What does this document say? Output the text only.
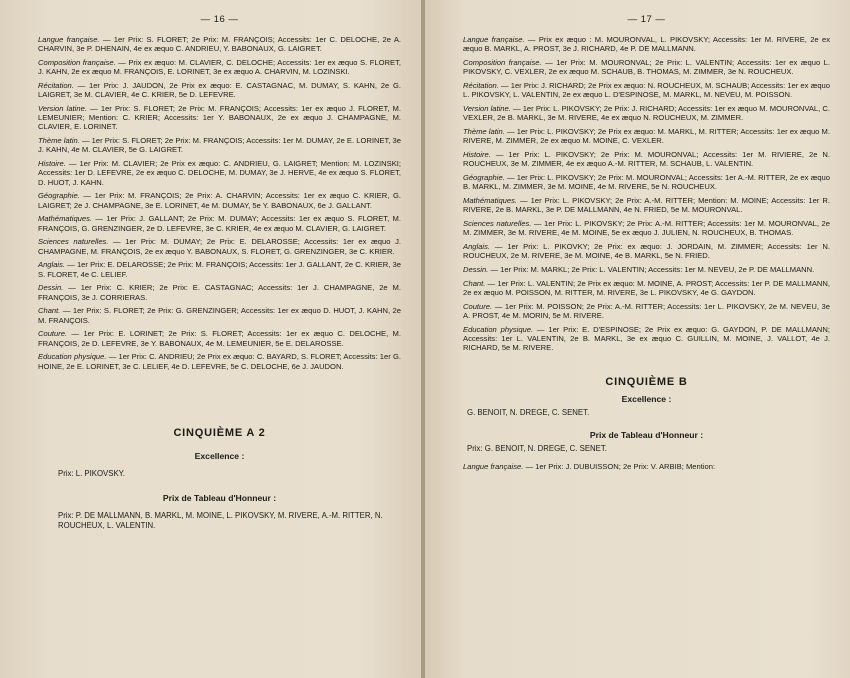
— 16 —

Langue française. — 1er Prix: S. FLORET; 2e Prix: M. FRANÇOIS; Accessits: 1er C. DELOCHE, 2e A. CHARVIN, 3e P. DHENAIN, 4e ex æquo C. ANDRIEU, Y. BABONAUX, G. LAIGRET.

Composition française. — Prix ex æquo: M. CLAVIER, C. DELOCHE; Accessits: 1er ex æquo S. FLORET, J. KAHN, 2e ex æquo M. FRANÇOIS, E. LORINET, 3e ex æquo A. CHARVIN, M. LOZINSKI.

Récitation. — 1er Prix: J. JAUDON, 2e Prix ex æquo: E. CASTAGNAC, M. DUMAY, S. KAHN, 2e G. LAIGRET, 3e M. CLAVIER, 4e C. KRIER, 5e D. LEFEVRE.

Version latine. — 1er Prix: S. FLORET; 2e Prix: M. FRANÇOIS; Accessits: 1er ex æquo J. FLORET, M. LEMEUNIER; Mention: C. KRIER; Accessits: 1er Y. BABONAUX, 2e ex æquo J. CHAMPAGNE, M. CLAVIER, E. LORINET.

Thème latin. — 1er Prix: S. FLORET; 2e Prix: M. FRANÇOIS; Accessits: 1er M. DUMAY, 2e E. LORINET, 3e J. KAHN, 4e M. CLAVIER, 5e G. LAIGRET.

Histoire. — 1er Prix: M. CLAVIER; 2e Prix ex æquo: C. ANDRIEU, G. LAIGRET; Mention: M. LOZINSKI; Accessits: 1er D. LEFEVRE, 2e ex æquo C. DELOCHE, M. DUMAY, 3e J. HERVE, 4e ex æquo S. FLORET, D. HUOT, J. KAHN.

Géographie. — 1er Prix: M. FRANÇOIS; 2e Prix: A. CHARVIN; Accessits: 1er ex æquo C. KRIER, G. LAIGRET; 2e J. CHAMPAGNE, 3e E. LORINET, 4e M. DUMAY, 5e Y. BABONAUX, 6e J. GALLANT.

Mathématiques. — 1er Prix: J. GALLANT; 2e Prix: M. DUMAY; Accessits: 1er ex æquo S. FLORET, M. FRANÇOIS, G. GRENZINGER, 2e D. LEFEVRE, 3e C. KRIER, 4e ex æquo M. CLAVIER, G. LAIGRET.

Sciences naturelles. — 1er Prix: M. DUMAY; 2e Prix: E. DELAROSSE; Accessits: 1er ex æquo J. CHAMPAGNE, M. FRANÇOIS, 2e ex æquo Y. BABONAUX, S. FLORET, G. GRENZINGER, 3e C. KRIER.

Anglais. — 1er Prix: E. DELAROSSE; 2e Prix: M. FRANÇOIS; Accessits: 1er J. GALLANT, 2e C. KRIER, 3e S. FLORET, 4e C. LELIEF.

Dessin. — 1er Prix: C. KRIER; 2e Prix: E. CASTAGNAC; Accessits: 1er J. CHAMPAGNE, 2e M. FRANÇOIS, 3e J. CORRIERAS.

Chant. — 1er Prix: S. FLORET; 2e Prix: G. GRENZINGER; Accessits: 1er ex æquo D. HUOT, J. KAHN, 2e M. FRANÇOIS.

Couture. — 1er Prix: E. LORINET; 2e Prix: S. FLORET; Accessits: 1er ex æquo C. DELOCHE, M. FRANÇOIS, 2e D. LEFEVRE, 3e Y. BABONAUX, 4e M. LEMEUNIER, 5e E. DELAROSSE.

Education physique. — 1er Prix: C. ANDRIEU; 2e Prix ex æquo: C. BAYARD, S. FLORET; Accessits: 1er G. HOINE, 2e E. LORINET, 3e C. LELIEF, 4e D. LEFEVRE, 5e C. DELOCHE, 6e J. JAUDON.

CINQUIÈME A 2
Excellence :
Prix: L. PIKOVSKY.
Prix de Tableau d'Honneur :
Prix: P. DE MALLMANN, B. MARKL, M. MOINE, L. PIKOVSKY, M. RIVERE, A.-M. RITTER, N. ROUCHEUX, L. VALENTIN.
— 17 —

Langue française. — Prix ex æquo : M. MOURONVAL, L. PIKOVSKY; Accessits: 1er M. RIVERE, 2e ex æquo B. MARKL, A. PROST, 3e J. RICHARD, 4e P. DE MALLMANN.

Composition française. — 1er Prix: M. MOURONVAL; 2e Prix: L. VALENTIN; Accessits: 1er ex æquo L. PIKOVSKY, C. VEXLER, 2e ex æquo M. SCHAUB, B. THOMAS, M. ZIMMER, 3e N. ROUCHEUX.

Récitation. — 1er Prix: J. RICHARD; 2e Prix ex æquo: N. ROUCHEUX, M. SCHAUB; Accessits: 1er ex æquo L. PIKOVSKY, L. VALENTIN, 2e ex æquo L. D'ESPINOSE, M. MARKL, M. NEVEU, M. POISSON.

Version latine. — 1er Prix: L. PIKOVSKY; 2e Prix: J. RICHARD; Accessits: 1er ex æquo M. MOURONVAL, C. VEXLER, 2e B. MARKL, 3e M. RIVERE, 4e ex æquo N. ROUCHEUX, M. ZIMMER.

Thème latin. — 1er Prix: L. PIKOVSKY; 2e Prix ex æquo: M. MARKL, M. RITTER; Accessits: 1er ex æquo M. RIVERE, M. ZIMMER, 2e ex æquo M. MOINE, C. VEXLER.

Histoire. — 1er Prix: L. PIKOVSKY; 2e Prix: M. MOURONVAL; Accessits: 1er M. RIVIERE, 2e N. ROUCHEUX, 3e M. ZIMMER, 4e ex æquo A.-M. RITTER, M. SCHAUB, L. VALENTIN.

Géographie. — 1er Prix: L. PIKOVSKY; 2e Prix: M. MOURONVAL; Accessits: 1er A.-M. RITTER, 2e ex æquo B. MARKL, M. ZIMMER, 3e M. MOINE, 4e M. RIVERE, 5e N. ROUCHEUX.

Mathématiques. — 1er Prix: L. PIKOVSKY; 2e Prix: A.-M. RITTER; Mention: M. MOINE; Accessits: 1er R. RIVERE, 2e B. MARKL, 3e P. DE MALLMANN, 4e N. FRIED, 5e M. MOURONVAL.

Sciences naturelles. — 1er Prix: L. PIKOVSKY; 2e Prix: A.-M. RITTER; Accessits: 1er M. MOURONVAL, 2e M. ZIMMER, 3e M. RIVERE, 4e M. MOINE, 5e ex æquo J. JULIEN, N. ROUCHEUX, B. THOMAS.

Anglais. — 1er Prix: L. PIKOVKY; 2e Prix: ex æquo: J. JORDAIN, M. ZIMMER; Accessits: 1er N. ROUCHEUX, 2e M. RIVERE, 3e M. MOINE, 4e B. MARKL, 5e N. FRIED.

Dessin. — 1er Prix: M. MARKL; 2e Prix: L. VALENTIN; Accessits: 1er M. NEVEU, 2e P. DE MALLMANN.

Chant. — 1er Prix: L. VALENTIN; 2e Prix ex æquo: M. MOINE, A. PROST; Accessits: 1er P. DE MALLMANN, 2e ex æquo M. POISSON, M. RITTER, M. RIVERE, 3e L. PIKOVSKY, 4e G. GAYDON.

Couture. — 1er Prix: M. POISSON; 2e Prix: A.-M. RITTER; Accessits: 1er L. PIKOVSKY, 2e M. NEVEU, 3e A. PROST, 4e M. MORIN, 5e M. RIVERE.

Education physique. — 1er Prix: E. D'ESPINOSE; 2e Prix ex æquo: G. GAYDON, P. DE MALLMANN; Accessits: 1er L. VALENTIN, 2e B. MARKL, 3e ex æquo C. GUILLIN, M. MOINE, J. VALLOT, 4e J. RICHARD, 5e M. RIVERE.

CINQUIÈME B
Excellence :
G. BENOIT, N. DREGE, C. SENET.
Prix de Tableau d'Honneur :
Prix: G. BENOIT, N. DREGE, C. SENET.

Langue française. — 1er Prix: J. DUBUISSON; 2e Prix: V. ARBIB; Mention:
